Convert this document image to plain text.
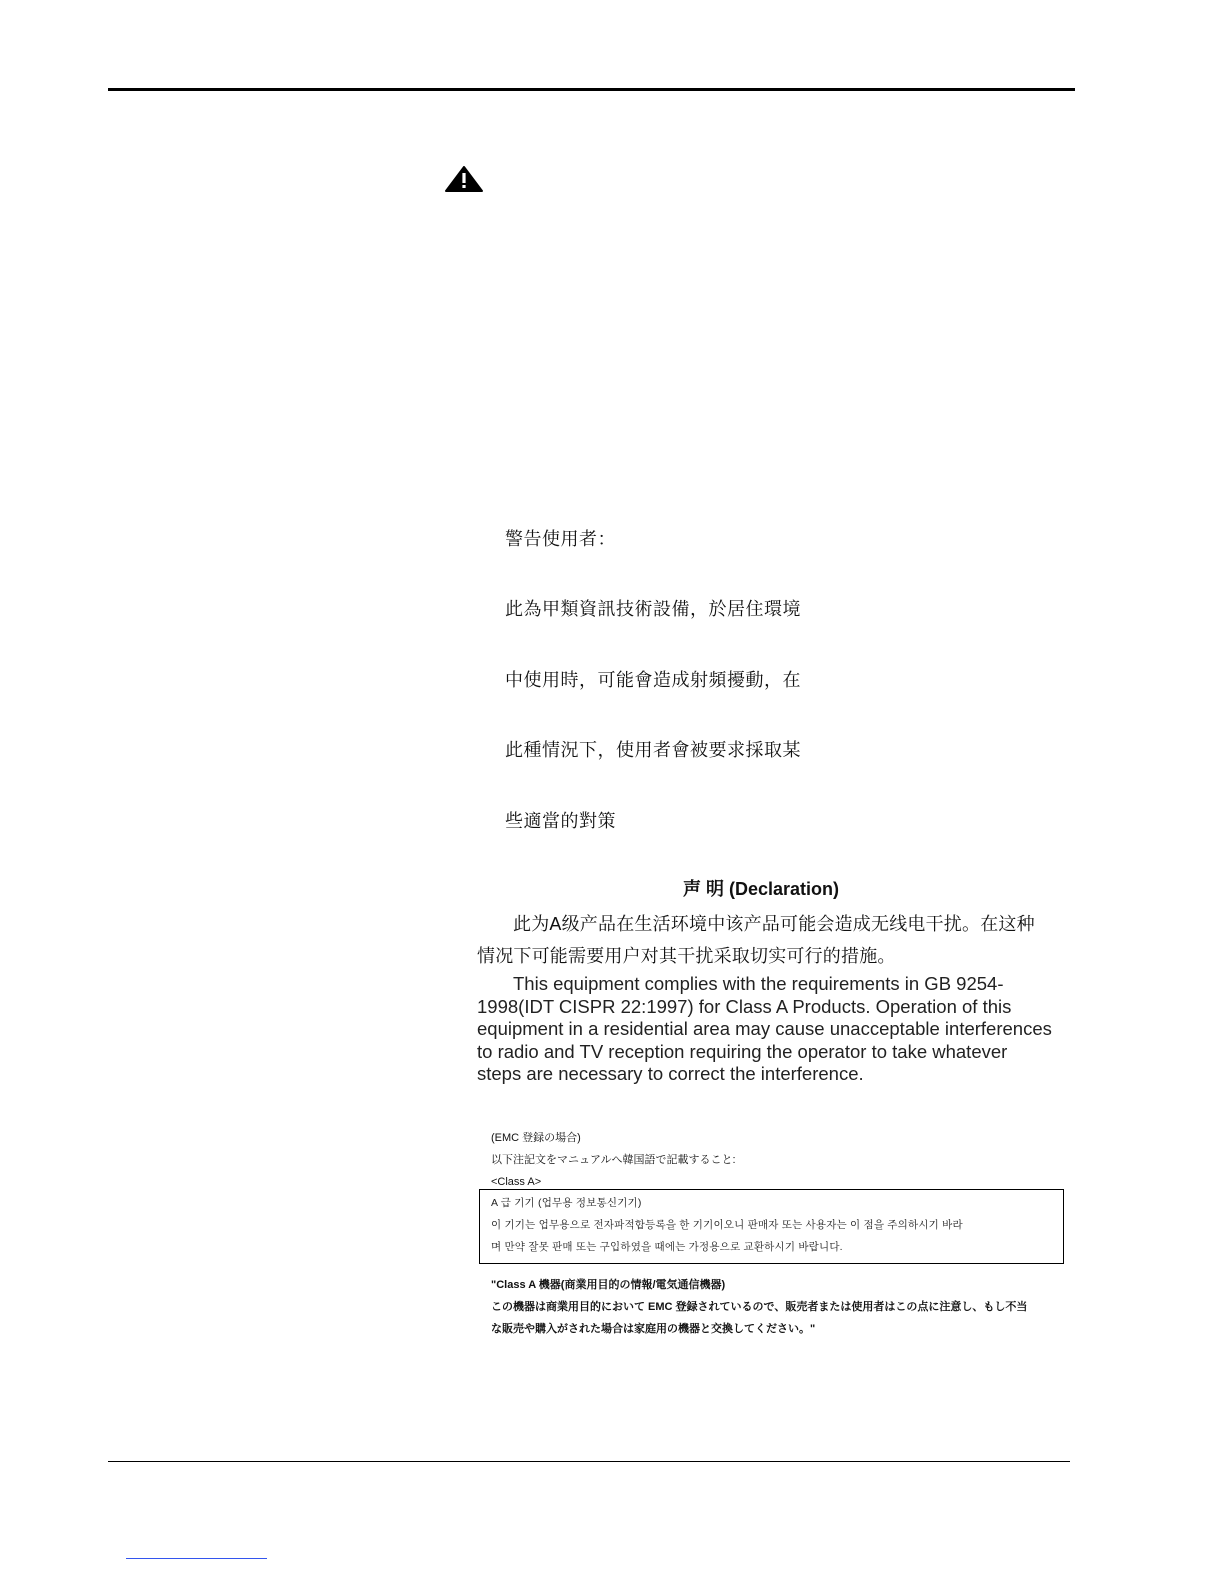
警告使用者：
此為甲類資訊技術設備，於居住環境
中使用時，可能會造成射頻擾動，在
此種情況下，使用者會被要求採取某
些適當的對策
声 明 (Declaration)
此为A级产品在生活环境中该产品可能会造成无线电干扰。在这种
情况下可能需要用户对其干扰采取切实可行的措施。
This equipment complies with the requirements in GB 9254-
1998(IDT CISPR 22:1997) for Class A Products. Operation of this
equipment in a residential area may cause unacceptable interferences
to radio and TV reception requiring the operator to take whatever
steps are necessary to correct the interference.
(EMC 登録の場合)
以下注記文をマニュアルへ韓国語で記載すること:
<Class A>
A 급 기기 (업무용 정보통신기기)
이 기기는 업무용으로 전자파적합등록을 한 기기이오니 판매자 또는 사용자는 이 점을 주의하시기 바라
며 만약 잘못 판매 또는 구입하였을 때에는 가정용으로 교환하시기 바랍니다.
"Class A 機器(商業用目的の情報/電気通信機器)
この機器は商業用目的において EMC 登録されているので、販売者または使用者はこの点に注意し、もし不当
な販売や購入がされた場合は家庭用の機器と交換してください。"
